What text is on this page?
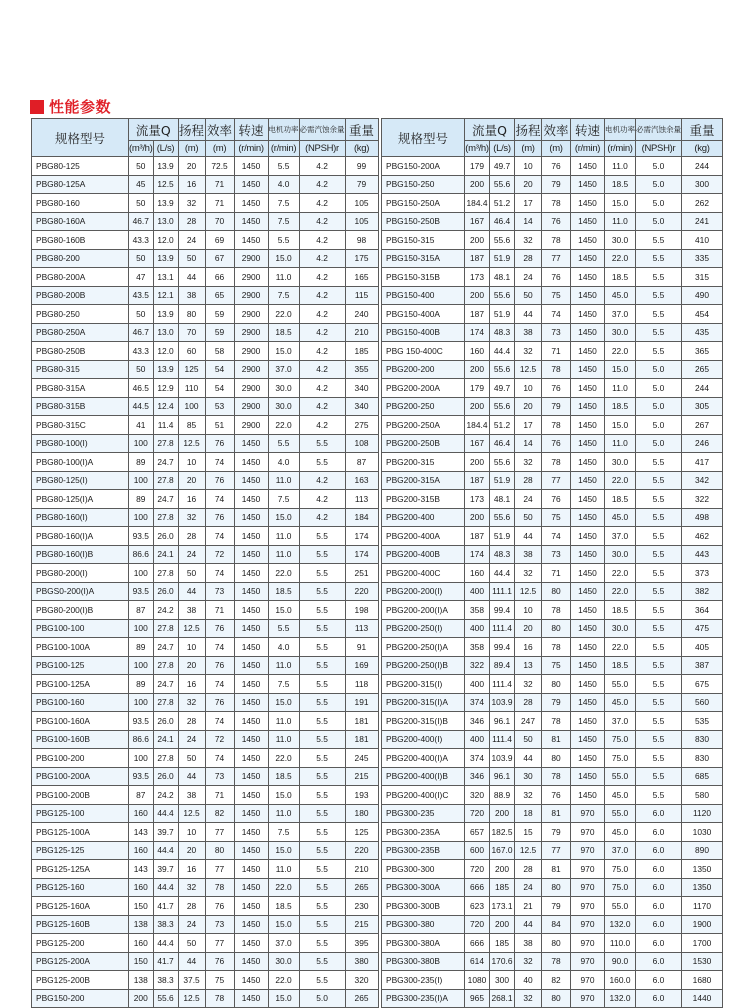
性能参数
规格型号	流量Q		扬程	效率	转速	电机功率	必需汽蚀余量	重量
	(m³/h)	(L/s)	(m)	(m)	(r/min)	(r/min)	(NPSH)r	(kg)
PBG80-125	50	13.9	20	72.5	1450	5.5	4.2	99
PBG80-125A	45	12.5	16	71	1450	4.0	4.2	79
PBG80-160	50	13.9	32	71	1450	7.5	4.2	105
PBG80-160A	46.7	13.0	28	70	1450	7.5	4.2	105
PBG80-160B	43.3	12.0	24	69	1450	5.5	4.2	98
PBG80-200	50	13.9	50	67	2900	15.0	4.2	175
PBG80-200A	47	13.1	44	66	2900	11.0	4.2	165
PBG80-200B	43.5	12.1	38	65	2900	7.5	4.2	115
PBG80-250	50	13.9	80	59	2900	22.0	4.2	240
PBG80-250A	46.7	13.0	70	59	2900	18.5	4.2	210
PBG80-250B	43.3	12.0	60	58	2900	15.0	4.2	185
PBG80-315	50	13.9	125	54	2900	37.0	4.2	355
PBG80-315A	46.5	12.9	110	54	2900	30.0	4.2	340
PBG80-315B	44.5	12.4	100	53	2900	30.0	4.2	340
PBG80-315C	41	11.4	85	51	2900	22.0	4.2	275
PBG80-100(I)	100	27.8	12.5	76	1450	5.5	5.5	108
PBG80-100(I)A	89	24.7	10	74	1450	4.0	5.5	87
PBG80-125(I)	100	27.8	20	76	1450	11.0	4.2	163
PBG80-125(I)A	89	24.7	16	74	1450	7.5	4.2	113
PBG80-160(I)	100	27.8	32	76	1450	15.0	4.2	184
PBG80-160(I)A	93.5	26.0	28	74	1450	11.0	5.5	174
PBG80-160(I)B	86.6	24.1	24	72	1450	11.0	5.5	174
PBG80-200(I)	100	27.8	50	74	1450	22.0	5.5	251
PBGS0-200(I)A	93.5	26.0	44	73	1450	18.5	5.5	220
PBG80-200(I)B	87	24.2	38	71	1450	15.0	5.5	198
PBG100-100	100	27.8	12.5	76	1450	5.5	5.5	113
PBG100-100A	89	24.7	10	74	1450	4.0	5.5	91
PBG100-125	100	27.8	20	76	1450	11.0	5.5	169
PBG100-125A	89	24.7	16	74	1450	7.5	5.5	118
PBG100-160	100	27.8	32	76	1450	15.0	5.5	191
PBG100-160A	93.5	26.0	28	74	1450	11.0	5.5	181
PBG100-160B	86.6	24.1	24	72	1450	11.0	5.5	181
PBG100-200	100	27.8	50	74	1450	22.0	5.5	245
PBG100-200A	93.5	26.0	44	73	1450	18.5	5.5	215
PBG100-200B	87	24.2	38	71	1450	15.0	5.5	193
PBG125-100	160	44.4	12.5	82	1450	11.0	5.5	180
PBG125-100A	143	39.7	10	77	1450	7.5	5.5	125
PBG125-125	160	44.4	20	80	1450	15.0	5.5	220
PBG125-125A	143	39.7	16	77	1450	11.0	5.5	210
PBG125-160	160	44.4	32	78	1450	22.0	5.5	265
PBG125-160A	150	41.7	28	76	1450	18.5	5.5	230
PBG125-160B	138	38.3	24	73	1450	15.0	5.5	215
PBG125-200	160	44.4	50	77	1450	37.0	5.5	395
PBG125-200A	150	41.7	44	76	1450	30.0	5.5	380
PBG125-200B	138	38.3	37.5	75	1450	22.0	5.5	320
PBG150-200	200	55.6	12.5	78	1450	15.0	5.0	265
规格型号	流量Q		扬程	效率	转速	电机功率	必需汽蚀余量	重量
	(m³/h)	(L/s)	(m)	(m)	(r/min)	(r/min)	(NPSH)r	(kg)
PBG150-200A	179	49.7	10	76	1450	11.0	5.0	244
PBG150-250	200	55.6	20	79	1450	18.5	5.0	300
PBG150-250A	184.4	51.2	17	78	1450	15.0	5.0	262
PBG150-250B	167	46.4	14	76	1450	11.0	5.0	241
PBG150-315	200	55.6	32	78	1450	30.0	5.5	410
PBG150-315A	187	51.9	28	77	1450	22.0	5.5	335
PBG150-315B	173	48.1	24	76	1450	18.5	5.5	315
PBG150-400	200	55.6	50	75	1450	45.0	5.5	490
PBG150-400A	187	51.9	44	74	1450	37.0	5.5	454
PBG150-400B	174	48.3	38	73	1450	30.0	5.5	435
PBG 150-400C	160	44.4	32	71	1450	22.0	5.5	365
PBG200-200	200	55.6	12.5	78	1450	15.0	5.0	265
PBG200-200A	179	49.7	10	76	1450	11.0	5.0	244
PBG200-250	200	55.6	20	79	1450	18.5	5.0	305
PBG200-250A	184.4	51.2	17	78	1450	15.0	5.0	267
PBG200-250B	167	46.4	14	76	1450	11.0	5.0	246
PBG200-315	200	55.6	32	78	1450	30.0	5.5	417
PBG200-315A	187	51.9	28	77	1450	22.0	5.5	342
PBG200-315B	173	48.1	24	76	1450	18.5	5.5	322
PBG200-400	200	55.6	50	75	1450	45.0	5.5	498
PBG200-400A	187	51.9	44	74	1450	37.0	5.5	462
PBG200-400B	174	48.3	38	73	1450	30.0	5.5	443
PBG200-400C	160	44.4	32	71	1450	22.0	5.5	373
PBG200-200(I)	400	111.1	12.5	80	1450	22.0	5.5	382
PBG200-200(I)A	358	99.4	10	78	1450	18.5	5.5	364
PBG200-250(I)	400	111.4	20	80	1450	30.0	5.5	475
PBG200-250(I)A	358	99.4	16	78	1450	22.0	5.5	405
PBG200-250(I)B	322	89.4	13	75	1450	18.5	5.5	387
PBG200-315(I)	400	111.4	32	80	1450	55.0	5.5	675
PBG200-315(I)A	374	103.9	28	79	1450	45.0	5.5	560
PBG200-315(I)B	346	96.1	247	78	1450	37.0	5.5	535
PBG200-400(I)	400	111.4	50	81	1450	75.0	5.5	830
PBG200-400(I)A	374	103.9	44	80	1450	75.0	5.5	830
PBG200-400(I)B	346	96.1	30	78	1450	55.0	5.5	685
PBG200-400(I)C	320	88.9	32	76	1450	45.0	5.5	580
PBG300-235	720	200	18	81	970	55.0	6.0	1120
PBG300-235A	657	182.5	15	79	970	45.0	6.0	1030
PBG300-235B	600	167.0	12.5	77	970	37.0	6.0	890
PBG300-300	720	200	28	81	970	75.0	6.0	1350
PBG300-300A	666	185	24	80	970	75.0	6.0	1350
PBG300-300B	623	173.1	21	79	970	55.0	6.0	1170
PBG300-380	720	200	44	84	970	132.0	6.0	1900
PBG300-380A	666	185	38	80	970	110.0	6.0	1700
PBG300-380B	614	170.6	32	78	970	90.0	6.0	1530
PBG300-235(I)	1080	300	40	82	970	160.0	6.0	1680
PBG300-235(I)A	965	268.1	32	80	970	132.0	6.0	1440
